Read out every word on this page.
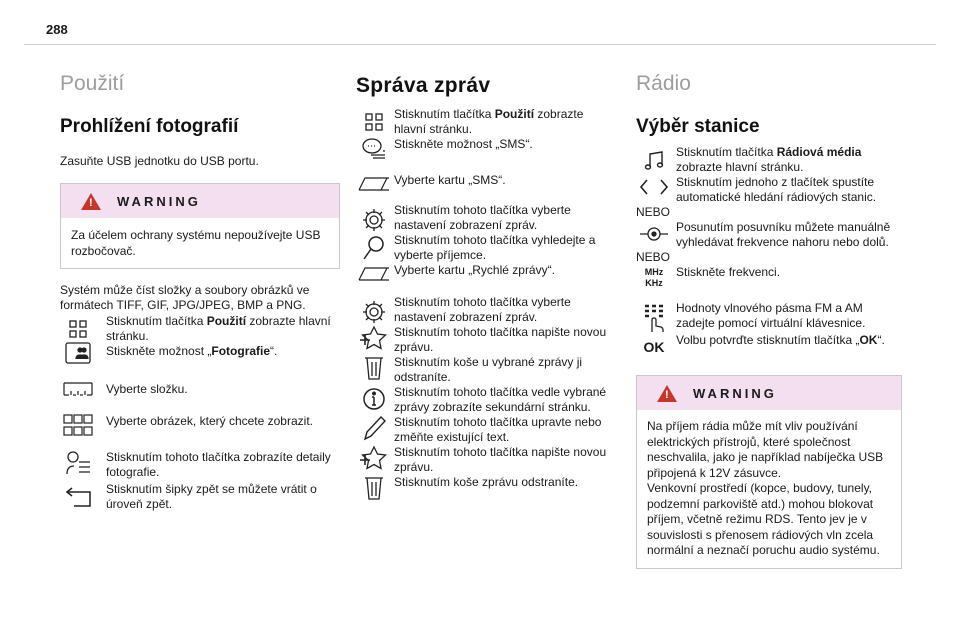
288
Použití
Prohlížení fotografií
Zasuňte USB jednotku do USB portu.
! WARNING
Za účelem ochrany systému nepoužívejte USB rozbočovač.
Systém může číst složky a soubory obrázků ve formátech TIFF, GIF, JPG/JPEG, BMP a PNG.
Stisknutím tlačítka Použití zobrazte hlavní stránku.
Stiskněte možnost „Fotografie“.
Vyberte složku.
Vyberte obrázek, který chcete zobrazit.
Stisknutím tohoto tlačítka zobrazíte detaily fotografie.
Stisknutím šipky zpět se můžete vrátit o úroveň zpět.
Správa zpráv
Stisknutím tlačítka Použití zobrazte hlavní stránku.
Stiskněte možnost „SMS“.
Vyberte kartu „SMS“.
Stisknutím tohoto tlačítka vyberte nastavení zobrazení zpráv.
Stisknutím tohoto tlačítka vyhledejte a vyberte příjemce.
Vyberte kartu „Rychlé zprávy“.
Stisknutím tohoto tlačítka vyberte nastavení zobrazení zpráv.
Stisknutím tohoto tlačítka napište novou zprávu.
Stisknutím koše u vybrané zprávy ji odstraníte.
Stisknutím tohoto tlačítka vedle vybrané zprávy zobrazíte sekundární stránku.
Stisknutím tohoto tlačítka upravte nebo změňte existující text.
Stisknutím tohoto tlačítka napište novou zprávu.
Stisknutím koše zprávu odstraníte.
Rádio
Výběr stanice
Stisknutím tlačítka Rádiová média zobrazte hlavní stránku.
Stisknutím jednoho z tlačítek spustíte automatické hledání rádiových stanic.
NEBO
Posunutím posuvníku můžete manuálně vyhledávat frekvence nahoru nebo dolů.
NEBO
MHz
KHz
Stiskněte frekvenci.
Hodnoty vlnového pásma FM a AM zadejte pomocí virtuální klávesnice.
OK Volbu potvrďte stisknutím tlačítka „OK“.
! WARNING
Na příjem rádia může mít vliv používání elektrických přístrojů, které společnost neschvalila, jako je například nabíječka USB připojená k 12V zásuvce.
Venkovní prostředí (kopce, budovy, tunely, podzemní parkoviště atd.) mohou blokovat příjem, včetně režimu RDS. Tento jev je v souvislosti s přenosem rádiových vln zcela normální a neznačí poruchu audio systému.
